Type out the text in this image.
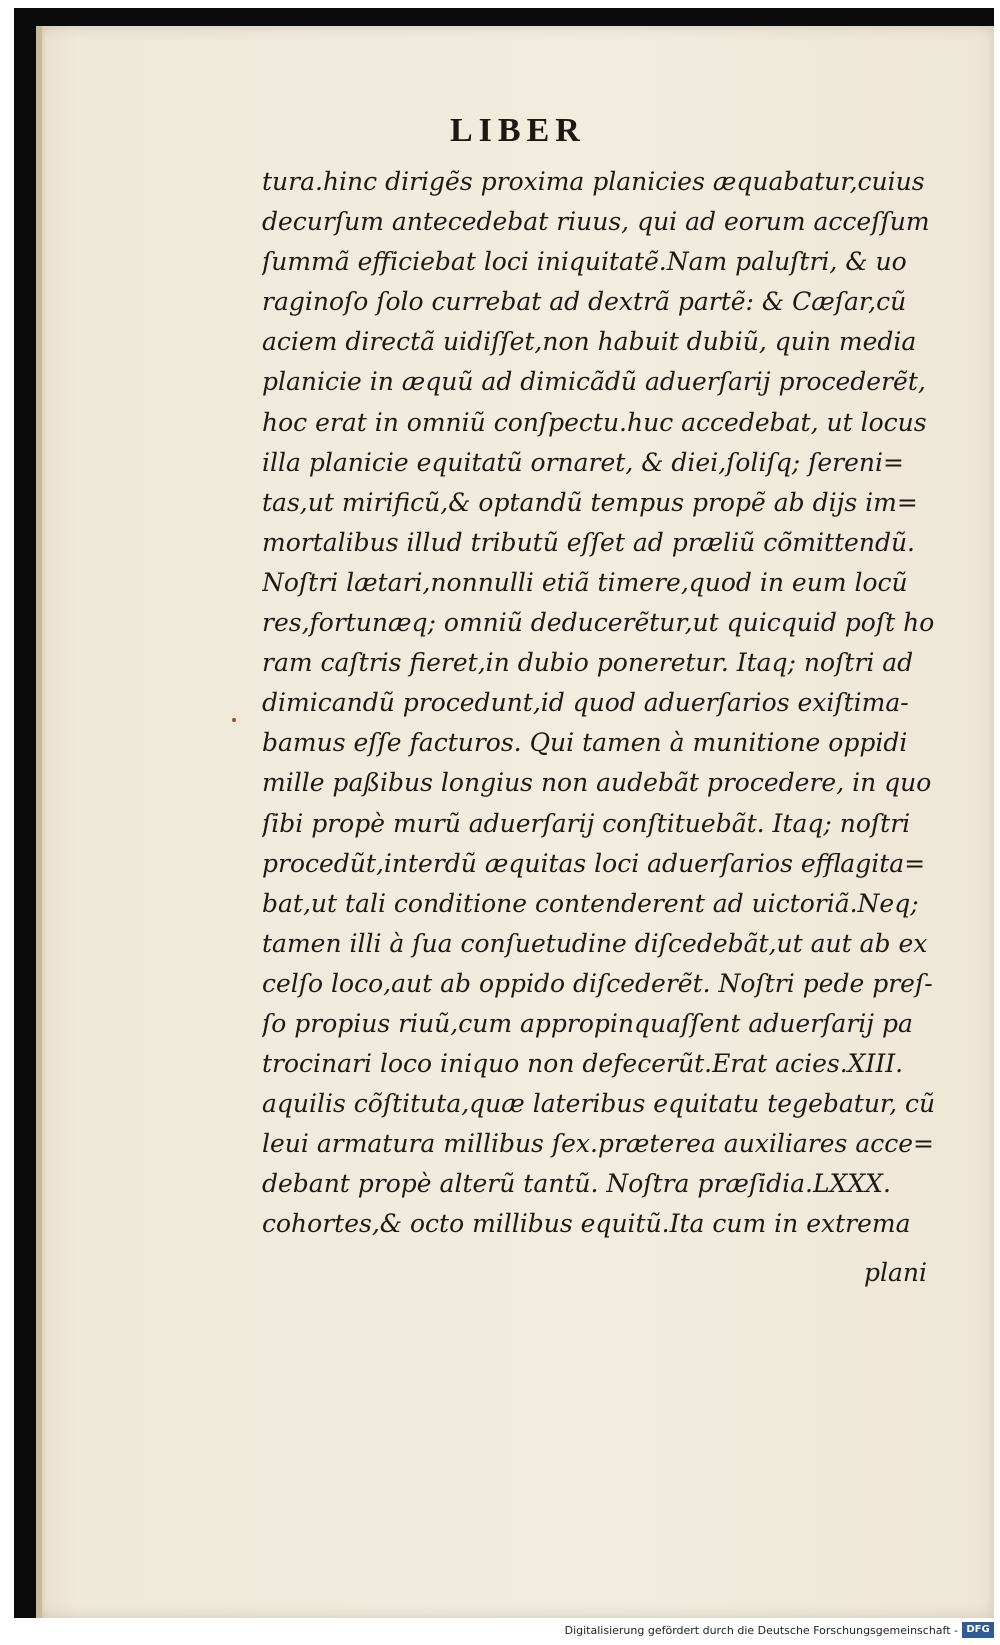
LIBER
tura.hinc dirigẽs proxima planicies æquabatur,cuius
decurſum antecedebat riuus, qui ad eorum acceſſum
ſummã efficiebat loci iniquitatẽ.Nam paluſtri, & uo
raginoſo ſolo currebat ad dextrã partẽ: & Cæſar,cũ
aciem directã uidiſſet,non habuit dubiũ, quin media
planicie in æquũ ad dimicãdũ aduerſarij procederẽt,
hoc erat in omniũ conſpectu.huc accedebat, ut locus
illa planicie equitatũ ornaret, & diei,ſoliſq; ſereni=
tas,ut mirificũ,& optandũ tempus propẽ ab dijs im=
mortalibus illud tributũ eſſet ad præliũ cõmittendũ.
Noſtri lætari,nonnulli etiã timere,quod in eum locũ
res,fortunæq; omniũ deducerẽtur,ut quicquid poſt ho
ram caſtris fieret,in dubio poneretur. Itaq; noſtri ad
dimicandũ procedunt,id quod aduerſarios exiſtima-
bamus eſſe facturos. Qui tamen à munitione oppidi
mille paßibus longius non audebãt procedere, in quo
ſibi propè murũ aduerſarij conſtituebãt. Itaq; noſtri
procedũt,interdũ æquitas loci aduerſarios efflagita=
bat,ut tali conditione contenderent ad uictoriã.Neq;
tamen illi à ſua conſuetudine diſcedebãt,ut aut ab ex
celſo loco,aut ab oppido diſcederẽt. Noſtri pede preſ-
ſo propius riuũ,cum appropinquaſſent aduerſarij pa
trocinari loco iniquo non defecerũt.Erat acies.XIII.
aquilis cõſtituta,quæ lateribus equitatu tegebatur, cũ
leui armatura millibus ſex.præterea auxiliares acce=
debant propè alterũ tantũ. Noſtra præſidia.LXXX.
cohortes,& octo millibus equitũ.Ita cum in extrema

plani

Digitalisierung gefördert durch die Deutsche Forschungsgemeinschaft - DFG
